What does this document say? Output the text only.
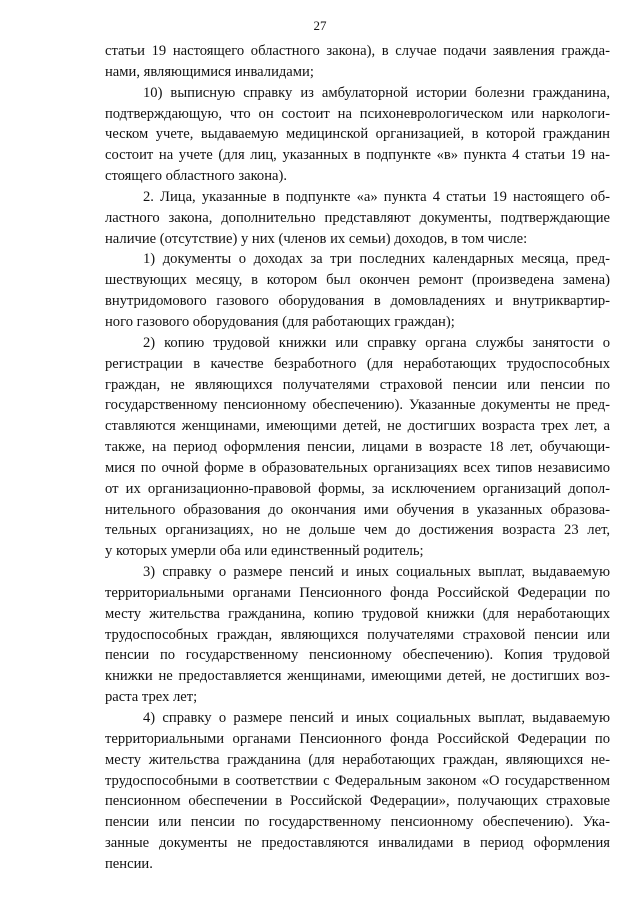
27
статьи 19 настоящего областного закона), в случае подачи заявления гражда-
нами, являющимися инвалидами;
10) выписную справку из амбулаторной истории болезни гражданина,
подтверждающую, что он состоит на психоневрологическом или наркологи-
ческом учете, выдаваемую медицинской организацией, в которой гражданин
состоит на учете (для лиц, указанных в подпункте «в» пункта 4 статьи 19 на-
стоящего областного закона).
2. Лица, указанные в подпункте «а» пункта 4 статьи 19 настоящего об-
ластного закона, дополнительно представляют документы, подтверждающие
наличие (отсутствие) у них (членов их семьи) доходов, в том числе:
1) документы о доходах за три последних календарных месяца, пред-
шествующих месяцу, в котором был окончен ремонт (произведена замена)
внутридомового газового оборудования в домовладениях и внутриквартир-
ного газового оборудования (для работающих граждан);
2) копию трудовой книжки или справку органа службы занятости о
регистрации в качестве безработного (для неработающих трудоспособных
граждан, не являющихся получателями страховой пенсии или пенсии по
государственному пенсионному обеспечению). Указанные документы не пред-
ставляются женщинами, имеющими детей, не достигших возраста трех лет, а
также, на период оформления пенсии, лицами в возрасте 18 лет, обучающи-
мися по очной форме в образовательных организациях всех типов независимо
от их организационно-правовой формы, за исключением организаций допол-
нительного образования до окончания ими обучения в указанных образова-
тельных организациях, но не дольше чем до достижения возраста 23 лет,
у которых умерли оба или единственный родитель;
3) справку о размере пенсий и иных социальных выплат, выдаваемую
территориальными органами Пенсионного фонда Российской Федерации по
месту жительства гражданина, копию трудовой книжки (для неработающих
трудоспособных граждан, являющихся получателями страховой пенсии или
пенсии по государственному пенсионному обеспечению). Копия трудовой
книжки не предоставляется женщинами, имеющими детей, не достигших воз-
раста трех лет;
4) справку о размере пенсий и иных социальных выплат, выдаваемую
территориальными органами Пенсионного фонда Российской Федерации по
месту жительства гражданина (для неработающих граждан, являющихся не-
трудоспособными в соответствии с Федеральным законом «О государственном
пенсионном обеспечении в Российской Федерации», получающих страховые
пенсии или пенсии по государственному пенсионному обеспечению). Ука-
занные документы не предоставляются инвалидами в период оформления
пенсии.
